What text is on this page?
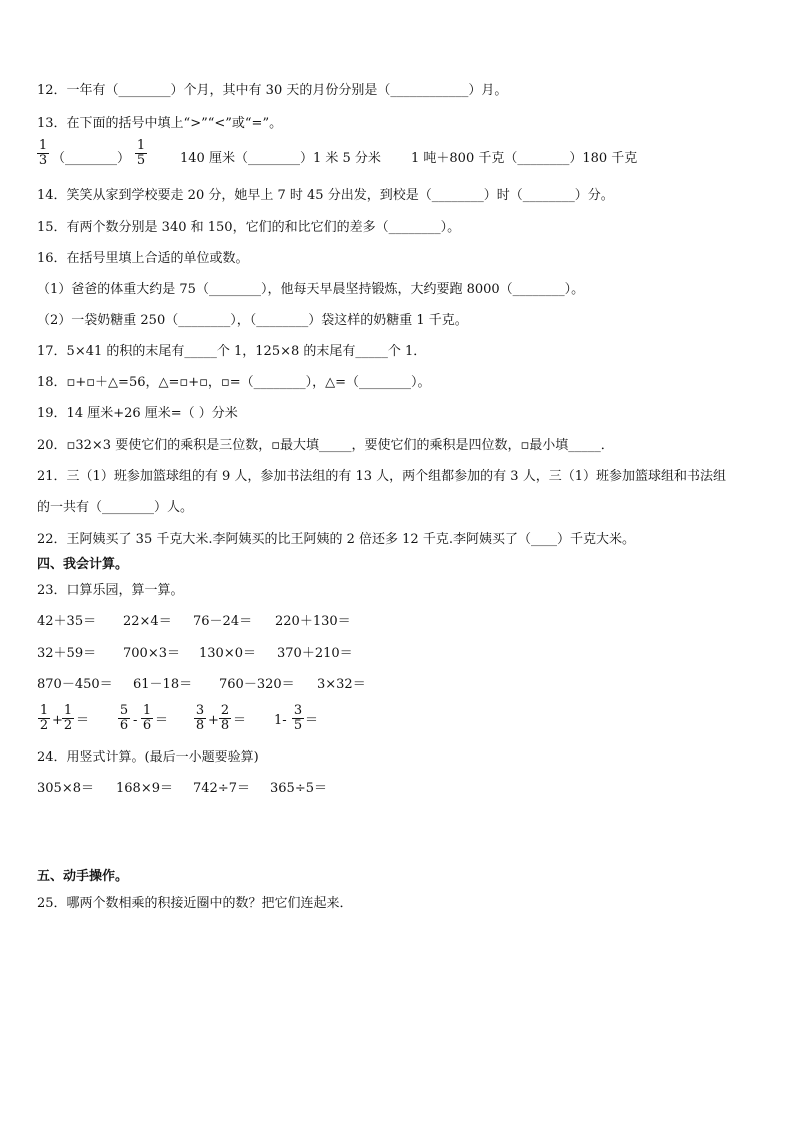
12．一年有（________）个月，其中有 30 天的月份分别是（____________）月。
13．在下面的括号中填上“>”“<”或“=”。
$\frac{1}{3}$ （________） $\frac{1}{5}$	140 厘米（________）1 米 5 分米 1 吨＋800 千克（________）180 千克
14．笑笑从家到学校要走 20 分，她早上 7 时 45 分出发，到校是（________）时（________）分。
15．有两个数分别是 340 和 150，它们的和比它们的差多（________）。
16．在括号里填上合适的单位或数。
（1）爸爸的体重大约是 75（________），他每天早晨坚持锻炼，大约要跑 8000（________）。
（2）一袋奶糖重 250（________），（________）袋这样的奶糖重 1 千克。
17．5×41 的积的末尾有_____个 1，125×8 的末尾有_____个 1．
18．▫+▫＋△=56，△=▫+▫，▫=（________），△=（________）。
19．14 厘米+26 厘米=（ ）分米
20．▫32×3 要使它们的乘积是三位数，▫最大填_____，要使它们的乘积是四位数，▫最小填_____．
21．三（1）班参加篮球组的有 9 人，参加书法组的有 13 人，两个组都参加的有 3 人，三（1）班参加篮球组和书法组
的一共有（________）人。
22．王阿姨买了 35 千克大米.李阿姨买的比王阿姨的 2 倍还多 12 千克.李阿姨买了（____）千克大米。
四、我会计算。
23．口算乐园，算一算。
42＋35＝ 22×4＝ 76－24＝ 220＋130＝
32＋59＝ 700×3＝ 130×0＝ 370＋210＝
870－450＝ 61－18＝ 760－320＝ 3×32＝
$\frac{1}{2} + \frac{1}{2} = \frac{5}{6} - \frac{1}{6} = \frac{3}{8} + \frac{2}{8} = 1- \frac{3}{5}$ ＝
24．用竖式计算。(最后一小题要验算)
305×8＝ 168×9＝ 742÷7＝ 365÷5＝
五、动手操作。
25．哪两个数相乘的积接近圈中的数？把它们连起来．
